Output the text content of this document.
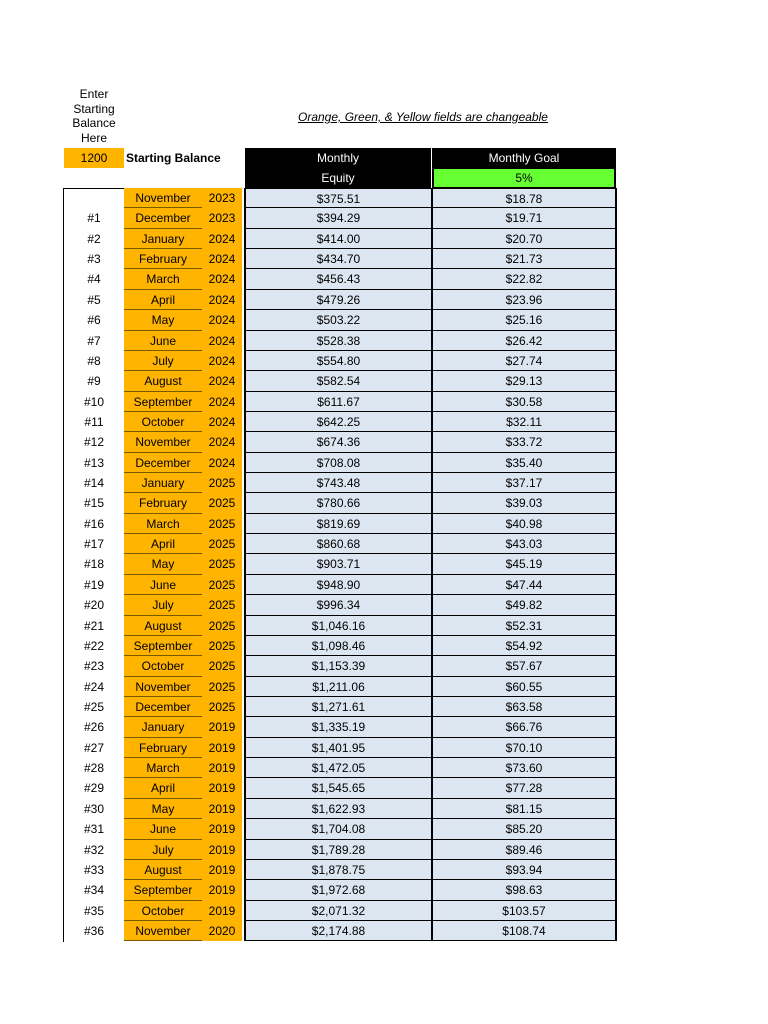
Enter
Starting
Balance
Here
Orange, Green, & Yellow fields are changeable
1200
Starting Balance	Monthly
Equity
Monthly Goal
5%
November	2023	$375.51	$18.78
#1	December	2023	$394.29	$19.71
#2	January	2024	$414.00	$20.70
#3	February	2024	$434.70	$21.73
#4	March	2024	$456.43	$22.82
#5	April	2024	$479.26	$23.96
#6	May	2024	$503.22	$25.16
#7	June	2024	$528.38	$26.42
#8	July	2024	$554.80	$27.74
#9	August	2024	$582.54	$29.13
#10	September	2024	$611.67	$30.58
#11	October	2024	$642.25	$32.11
#12	November	2024	$674.36	$33.72
#13	December	2024	$708.08	$35.40
#14	January	2025	$743.48	$37.17
#15	February	2025	$780.66	$39.03
#16	March	2025	$819.69	$40.98
#17	April	2025	$860.68	$43.03
#18	May	2025	$903.71	$45.19
#19	June	2025	$948.90	$47.44
#20	July	2025	$996.34	$49.82
#21	August	2025	$1,046.16	$52.31
#22	September	2025	$1,098.46	$54.92
#23	October	2025	$1,153.39	$57.67
#24	November	2025	$1,211.06	$60.55
#25	December	2025	$1,271.61	$63.58
#26	January	2019	$1,335.19	$66.76
#27	February	2019	$1,401.95	$70.10
#28	March	2019	$1,472.05	$73.60
#29	April	2019	$1,545.65	$77.28
#30	May	2019	$1,622.93	$81.15
#31	June	2019	$1,704.08	$85.20
#32	July	2019	$1,789.28	$89.46
#33	August	2019	$1,878.75	$93.94
#34	September	2019	$1,972.68	$98.63
#35	October	2019	$2,071.32	$103.57
#36	November	2020	$2,174.88	$108.74
